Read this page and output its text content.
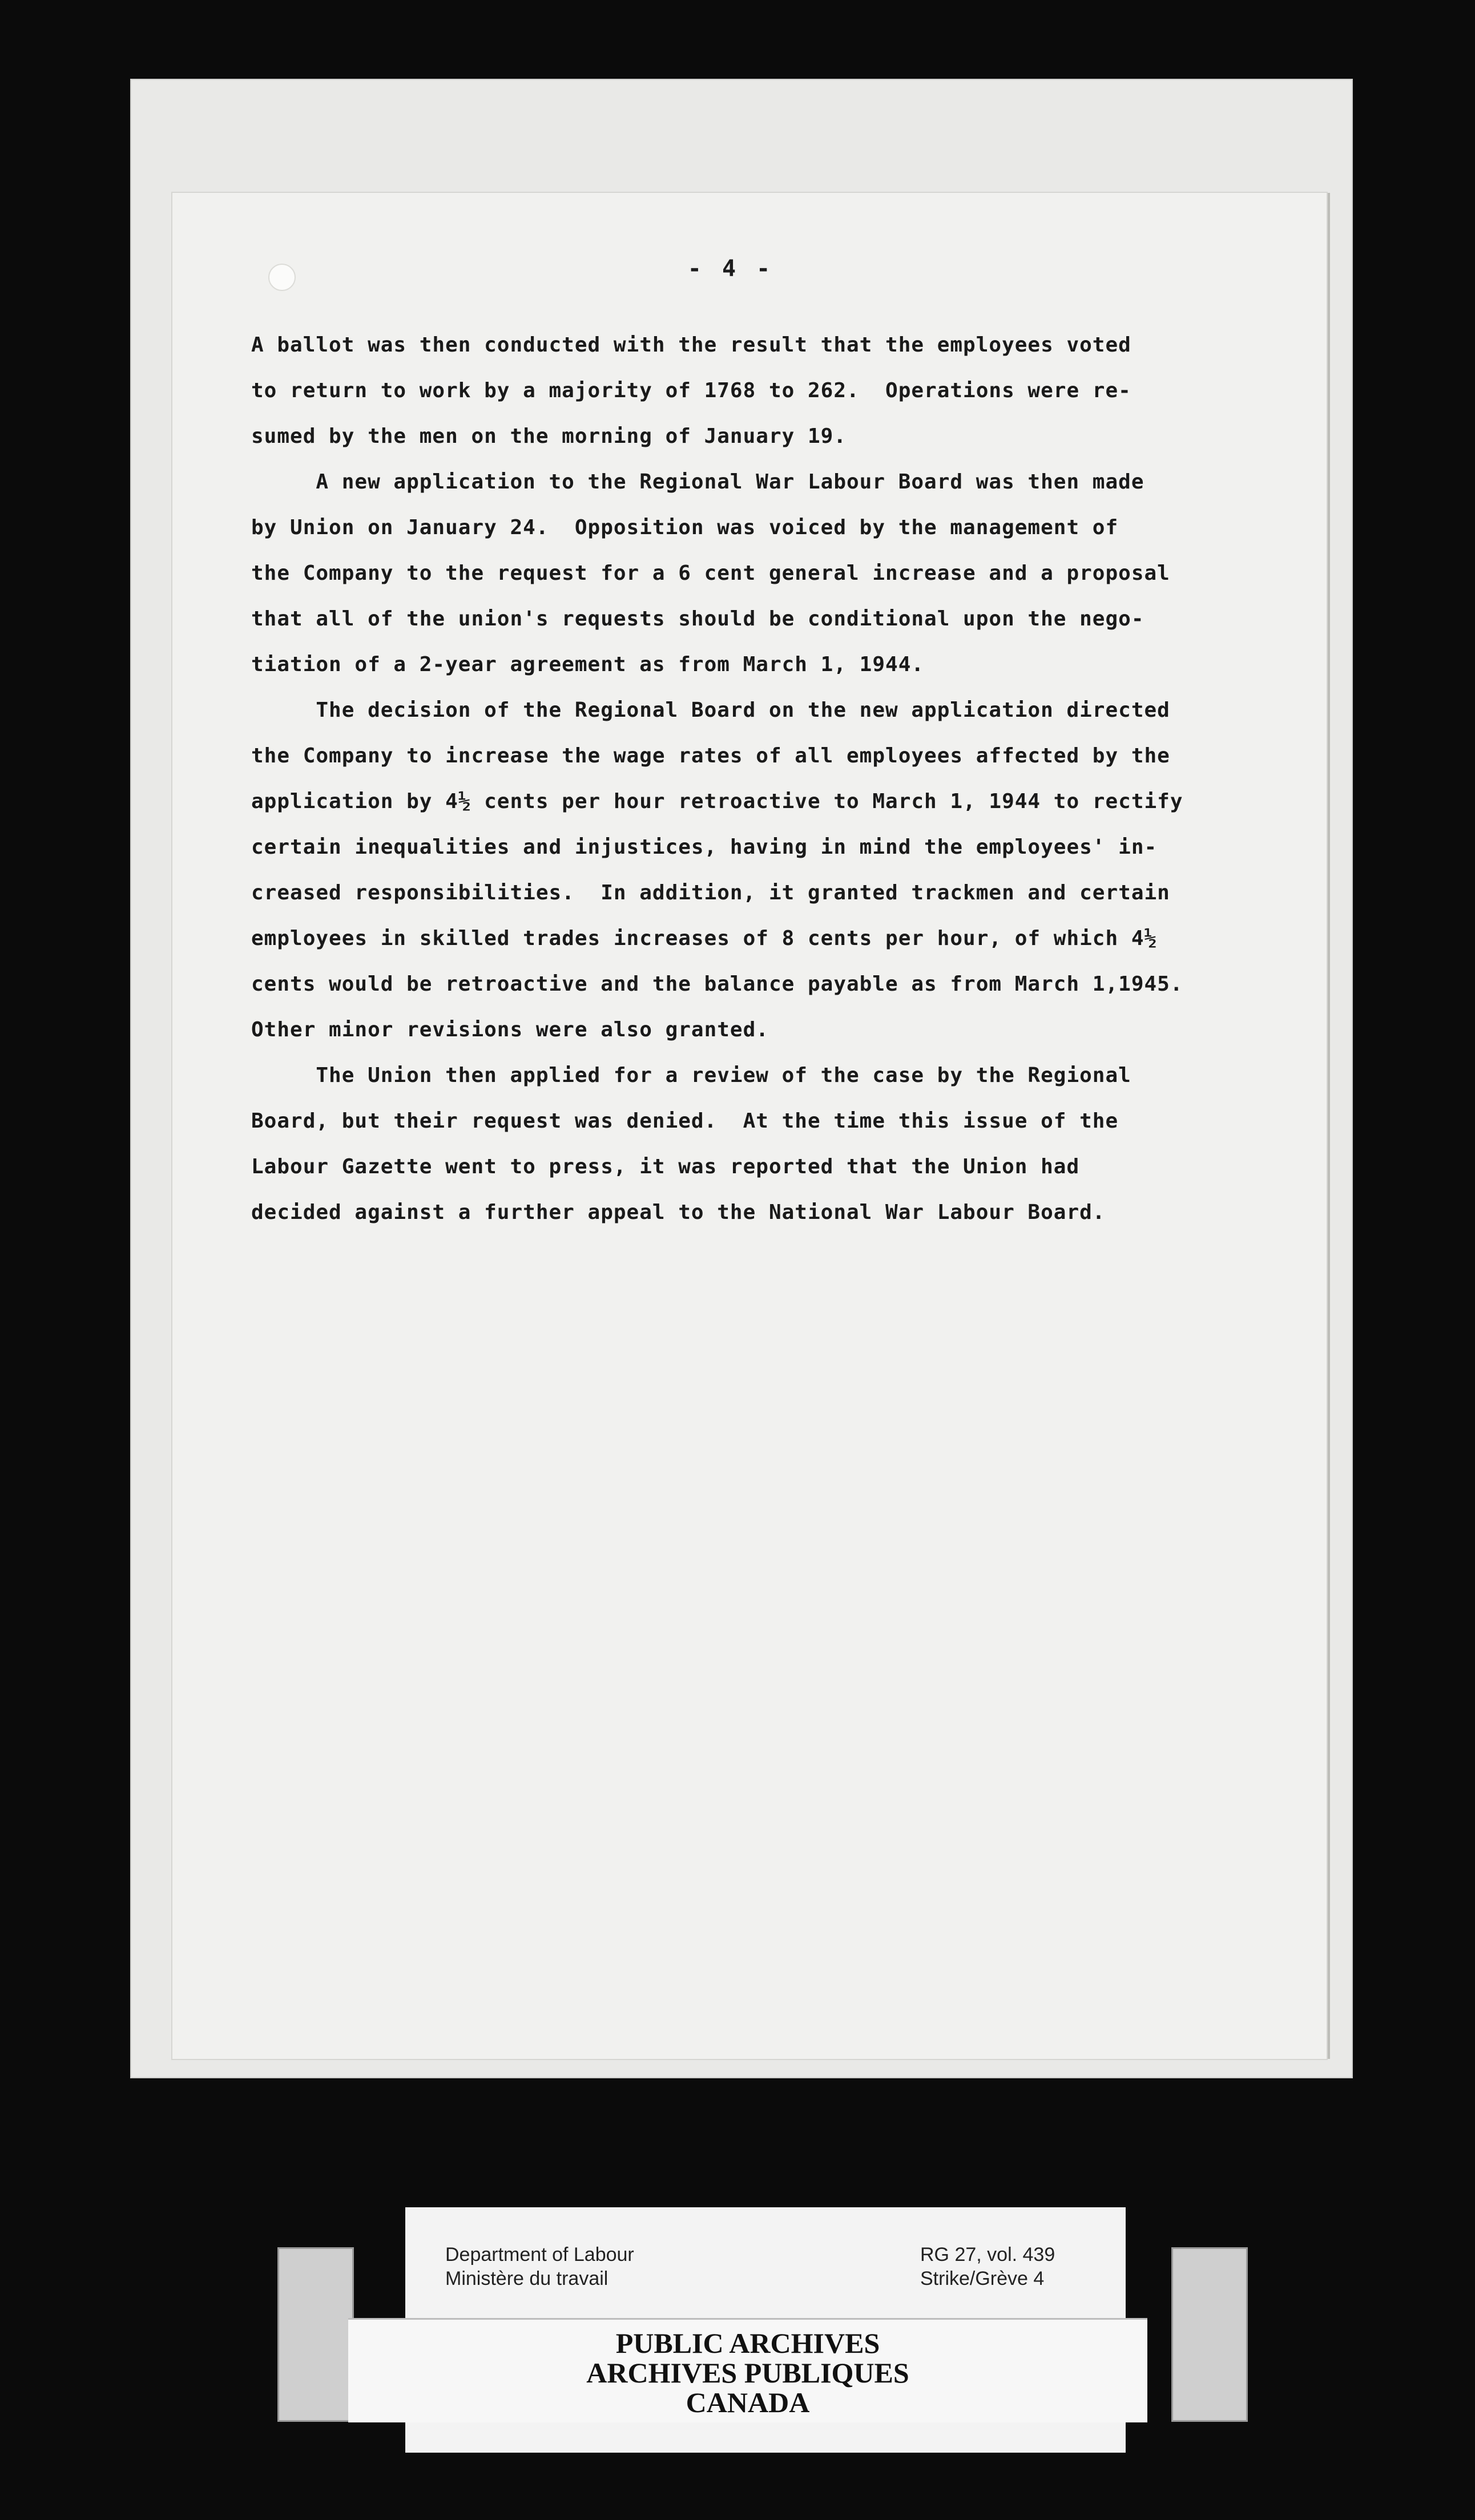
- 4 -
A ballot was then conducted with the result that the employees voted
to return to work by a majority of 1768 to 262.  Operations were re-
sumed by the men on the morning of January 19.
A new application to the Regional War Labour Board was then made
by Union on January 24.  Opposition was voiced by the management of
the Company to the request for a 6 cent general increase and a proposal
that all of the union's requests should be conditional upon the nego-
tiation of a 2-year agreement as from March 1, 1944.
The decision of the Regional Board on the new application directed
the Company to increase the wage rates of all employees affected by the
application by 4½ cents per hour retroactive to March 1, 1944 to rectify
certain inequalities and injustices, having in mind the employees' in-
creased responsibilities.  In addition, it granted trackmen and certain
employees in skilled trades increases of 8 cents per hour, of which 4½
cents would be retroactive and the balance payable as from March 1,1945.
Other minor revisions were also granted.
The Union then applied for a review of the case by the Regional
Board, but their request was denied.  At the time this issue of the
Labour Gazette went to press, it was reported that the Union had
decided against a further appeal to the National War Labour Board.
Department of Labour
Ministère du travail
RG 27, vol. 439
Strike/Grève 4
PUBLIC ARCHIVES
ARCHIVES PUBLIQUES
CANADA
